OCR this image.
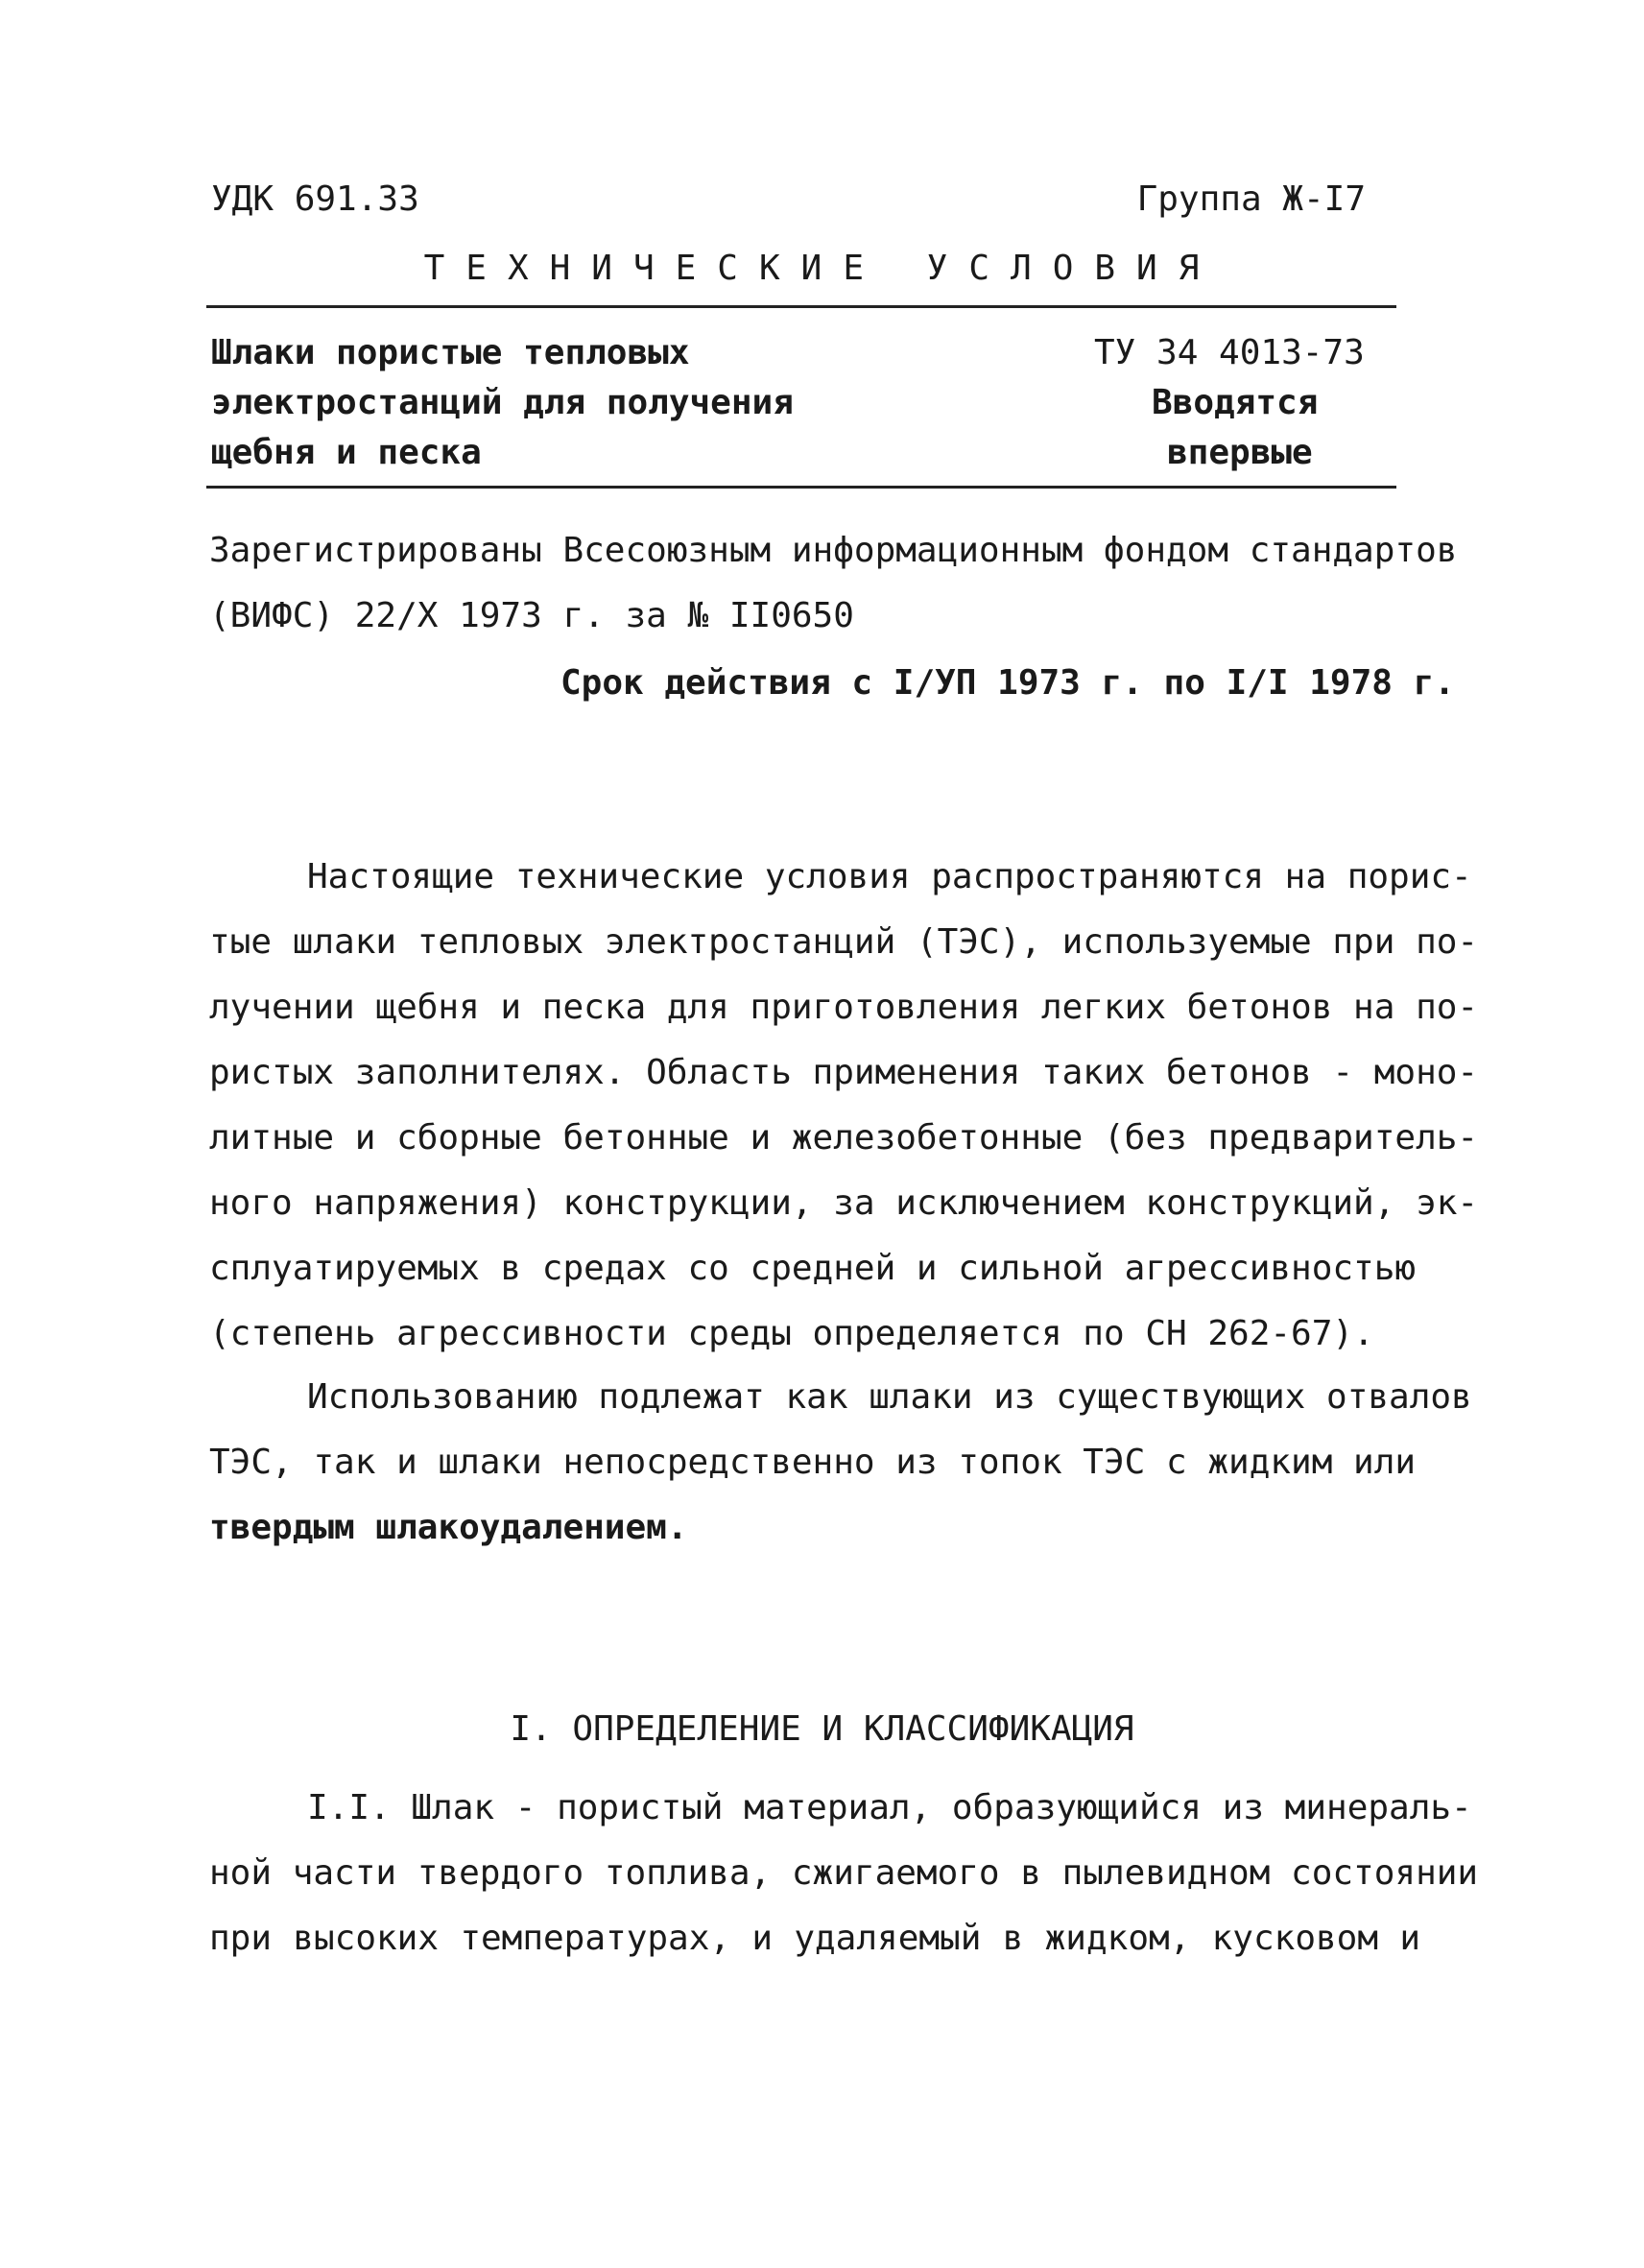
УДК 691.33	Группа Ж-I7
ТЕХНИЧЕСКИЕ УСЛОВИЯ
Шлаки пористые тепловых
электростанций для получения
щебня и песка
ТУ 34 4013-73
Вводятся
впервые
Зарегистрированы Всесоюзным информационным фондом стандартов
(ВИФС) 22/Х 1973 г. за № II0650
Срок действия с I/УП 1973 г. по I/I 1978 г.
Настоящие технические условия распространяются на порис-
тые шлаки тепловых электростанций (ТЭС), используемые при по-
лучении щебня и песка для приготовления легких бетонов на по-
ристых заполнителях. Область применения таких бетонов - моно-
литные и сборные бетонные и железобетонные (без предваритель-
ного напряжения) конструкции, за исключением конструкций, эк-
сплуатируемых в средах со средней и сильной агрессивностью
(степень агрессивности среды определяется по СН 262-67).
Использованию подлежат как шлаки из существующих отвалов
ТЭС, так и шлаки непосредственно из топок ТЭС с жидким или
твердым шлакоудалением.
I. ОПРЕДЕЛЕНИЕ И КЛАССИФИКАЦИЯ
I.I. Шлак - пористый материал, образующийся из минераль-
ной части твердого топлива, сжигаемого в пылевидном состоянии
при высоких температурах, и удаляемый в жидком, кусковом и
